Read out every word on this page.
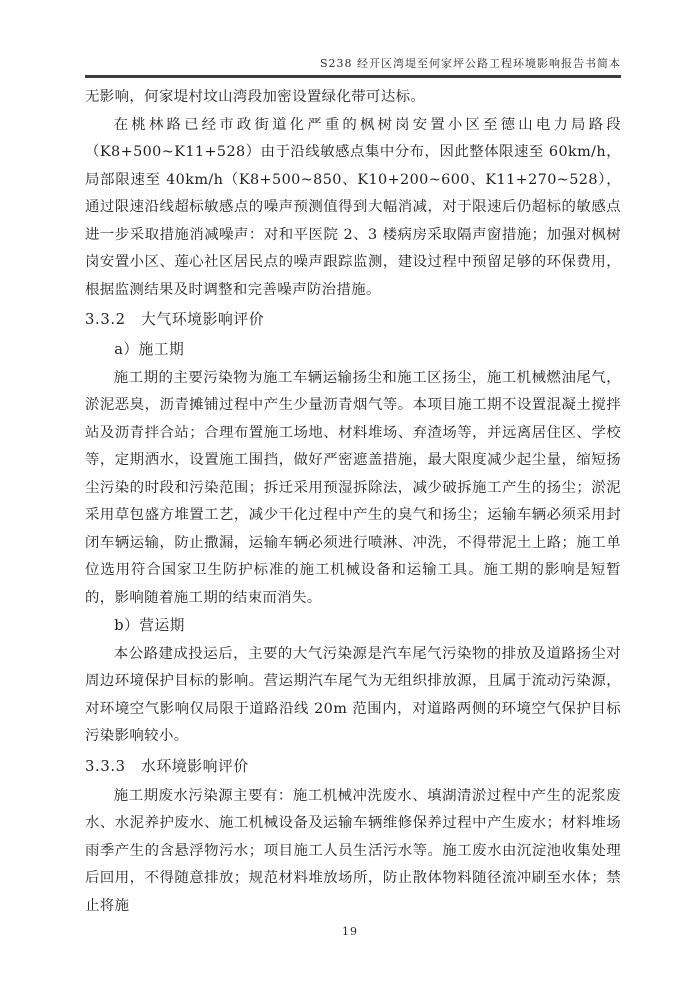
S238 经开区湾堤至何家坪公路工程环境影响报告书简本

无影响，何家堤村坟山湾段加密设置绿化带可达标。

在桃林路已经市政街道化严重的枫树岗安置小区至德山电力局路段（K8+500~K11+528）由于沿线敏感点集中分布，因此整体限速至 60km/h，局部限速至 40km/h（K8+500~850、K10+200~600、K11+270~528），通过限速沿线超标敏感点的噪声预测值得到大幅消减，对于限速后仍超标的敏感点进一步采取措施消减噪声：对和平医院 2、3 楼病房采取隔声窗措施；加强对枫树岗安置小区、莲心社区居民点的噪声跟踪监测，建设过程中预留足够的环保费用，根据监测结果及时调整和完善噪声防治措施。

3.3.2　大气环境影响评价

a）施工期

施工期的主要污染物为施工车辆运输扬尘和施工区扬尘，施工机械燃油尾气，淤泥恶臭，沥青摊铺过程中产生少量沥青烟气等。本项目施工期不设置混凝土搅拌站及沥青拌合站；合理布置施工场地、材料堆场、弃渣场等，并远离居住区、学校等，定期洒水，设置施工围挡，做好严密遮盖措施，最大限度减少起尘量，缩短扬尘污染的时段和污染范围；拆迁采用预湿拆除法，减少破拆施工产生的扬尘；淤泥采用草包盛方堆置工艺，减少干化过程中产生的臭气和扬尘；运输车辆必须采用封闭车辆运输，防止撒漏，运输车辆必须进行喷淋、冲洗，不得带泥土上路；施工单位选用符合国家卫生防护标准的施工机械设备和运输工具。施工期的影响是短暂的，影响随着施工期的结束而消失。

b）营运期

本公路建成投运后，主要的大气污染源是汽车尾气污染物的排放及道路扬尘对周边环境保护目标的影响。营运期汽车尾气为无组织排放源，且属于流动污染源，对环境空气影响仅局限于道路沿线 20m 范围内，对道路两侧的环境空气保护目标污染影响较小。

3.3.3　水环境影响评价

施工期废水污染源主要有：施工机械冲洗废水、填湖清淤过程中产生的泥浆废水、水泥养护废水、施工机械设备及运输车辆维修保养过程中产生废水；材料堆场雨季产生的含悬浮物污水；项目施工人员生活污水等。施工废水由沉淀池收集处理后回用，不得随意排放；规范材料堆放场所，防止散体物料随径流冲刷至水体；禁止将施

19
